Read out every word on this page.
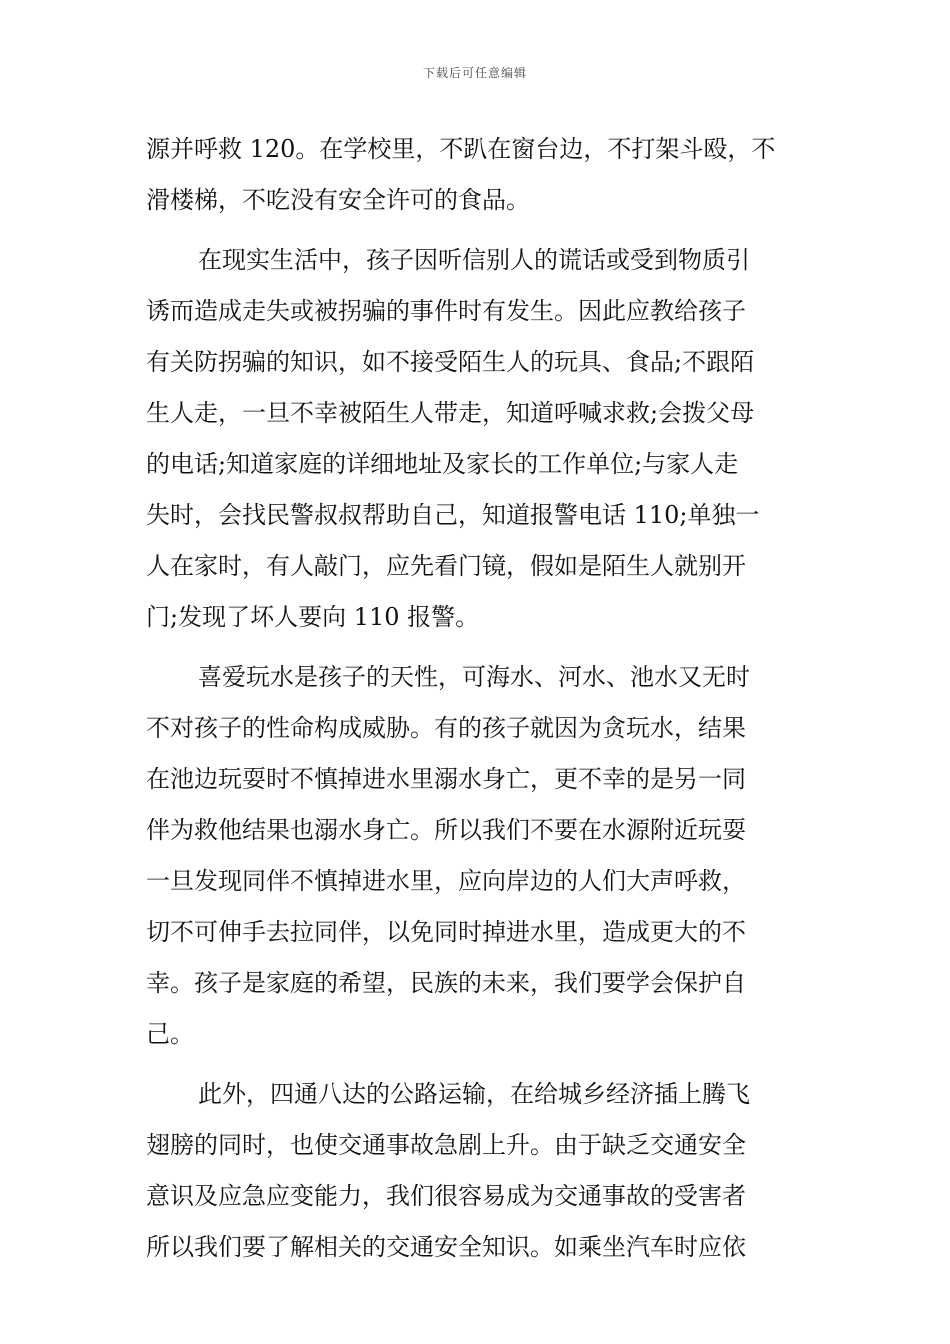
下载后可任意编辑
源并呼救 120。在学校里，不趴在窗台边，不打架斗殴，不
滑楼梯，不吃没有安全许可的食品。
在现实生活中，孩子因听信别人的谎话或受到物质引
诱而造成走失或被拐骗的事件时有发生。因此应教给孩子
有关防拐骗的知识，如不接受陌生人的玩具、食品;不跟陌
生人走，一旦不幸被陌生人带走，知道呼喊求救;会拨父母
的电话;知道家庭的详细地址及家长的工作单位;与家人走
失时，会找民警叔叔帮助自己，知道报警电话 110;单独一
人在家时，有人敲门，应先看门镜，假如是陌生人就别开
门;发现了坏人要向 110 报警。
喜爱玩水是孩子的天性，可海水、河水、池水又无时
不对孩子的性命构成威胁。有的孩子就因为贪玩水，结果
在池边玩耍时不慎掉进水里溺水身亡，更不幸的是另一同
伴为救他结果也溺水身亡。所以我们不要在水源附近玩耍
一旦发现同伴不慎掉进水里，应向岸边的人们大声呼救，
切不可伸手去拉同伴，以免同时掉进水里，造成更大的不
幸。孩子是家庭的希望，民族的未来，我们要学会保护自
己。
此外，四通八达的公路运输，在给城乡经济插上腾飞
翅膀的同时，也使交通事故急剧上升。由于缺乏交通安全
意识及应急应变能力，我们很容易成为交通事故的受害者
所以我们要了解相关的交通安全知识。如乘坐汽车时应依
